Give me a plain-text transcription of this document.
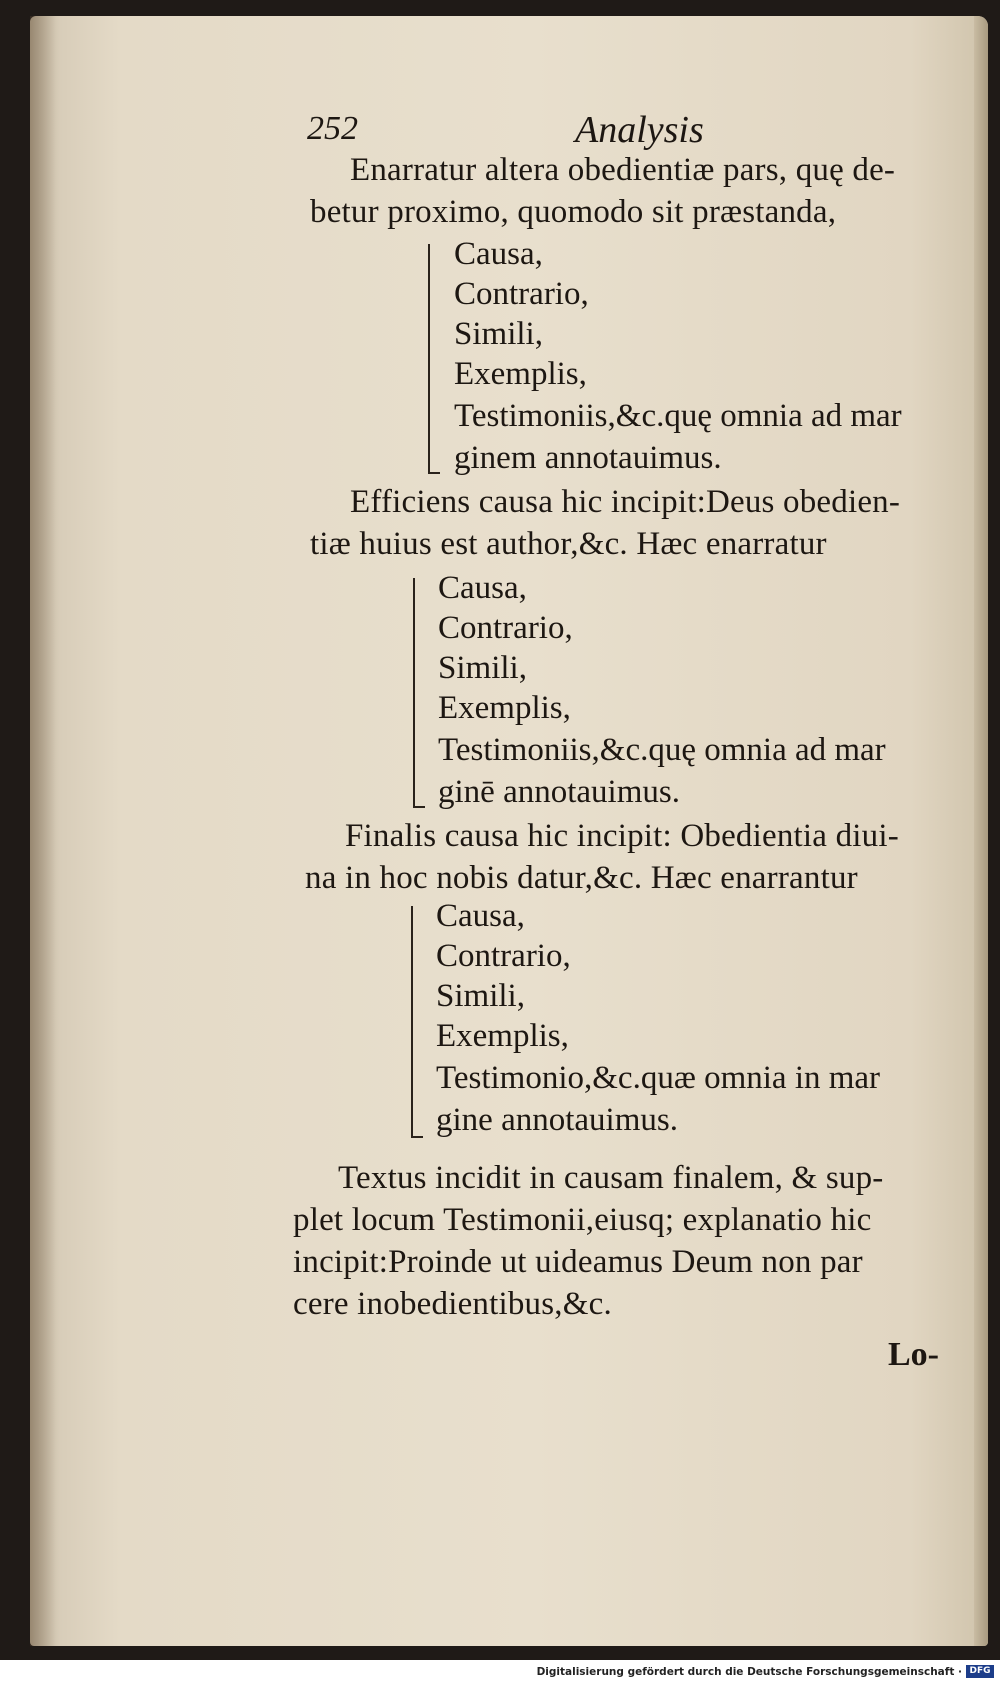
252	Analysis
Enarratur altera obedientiæ pars, quę de-
betur proximo, quomodo sit præstanda,
Causa,
Contrario,
Simili,
Exemplis,
Testimoniis,&c.quę omnia ad mar
ginem annotauimus.
Efficiens causa hic incipit:Deus obedien-
tiæ huius est author,&c. Hæc enarratur
Causa,
Contrario,
Simili,
Exemplis,
Testimoniis,&c.quę omnia ad mar
ginē annotauimus.
Finalis causa hic incipit: Obedientia diui-
na in hoc nobis datur,&c. Hæc enarrantur
Causa,
Contrario,
Simili,
Exemplis,
Testimonio,&c.quæ omnia in mar
gine annotauimus.
Textus incidit in causam finalem, & sup-
plet locum Testimonii,eiusq; explanatio hic
incipit:Proinde ut uideamus Deum non par
cere inobedientibus,&c.
Lo-
Digitalisierung gefördert durch die Deutsche Forschungsgemeinschaft · DFG
